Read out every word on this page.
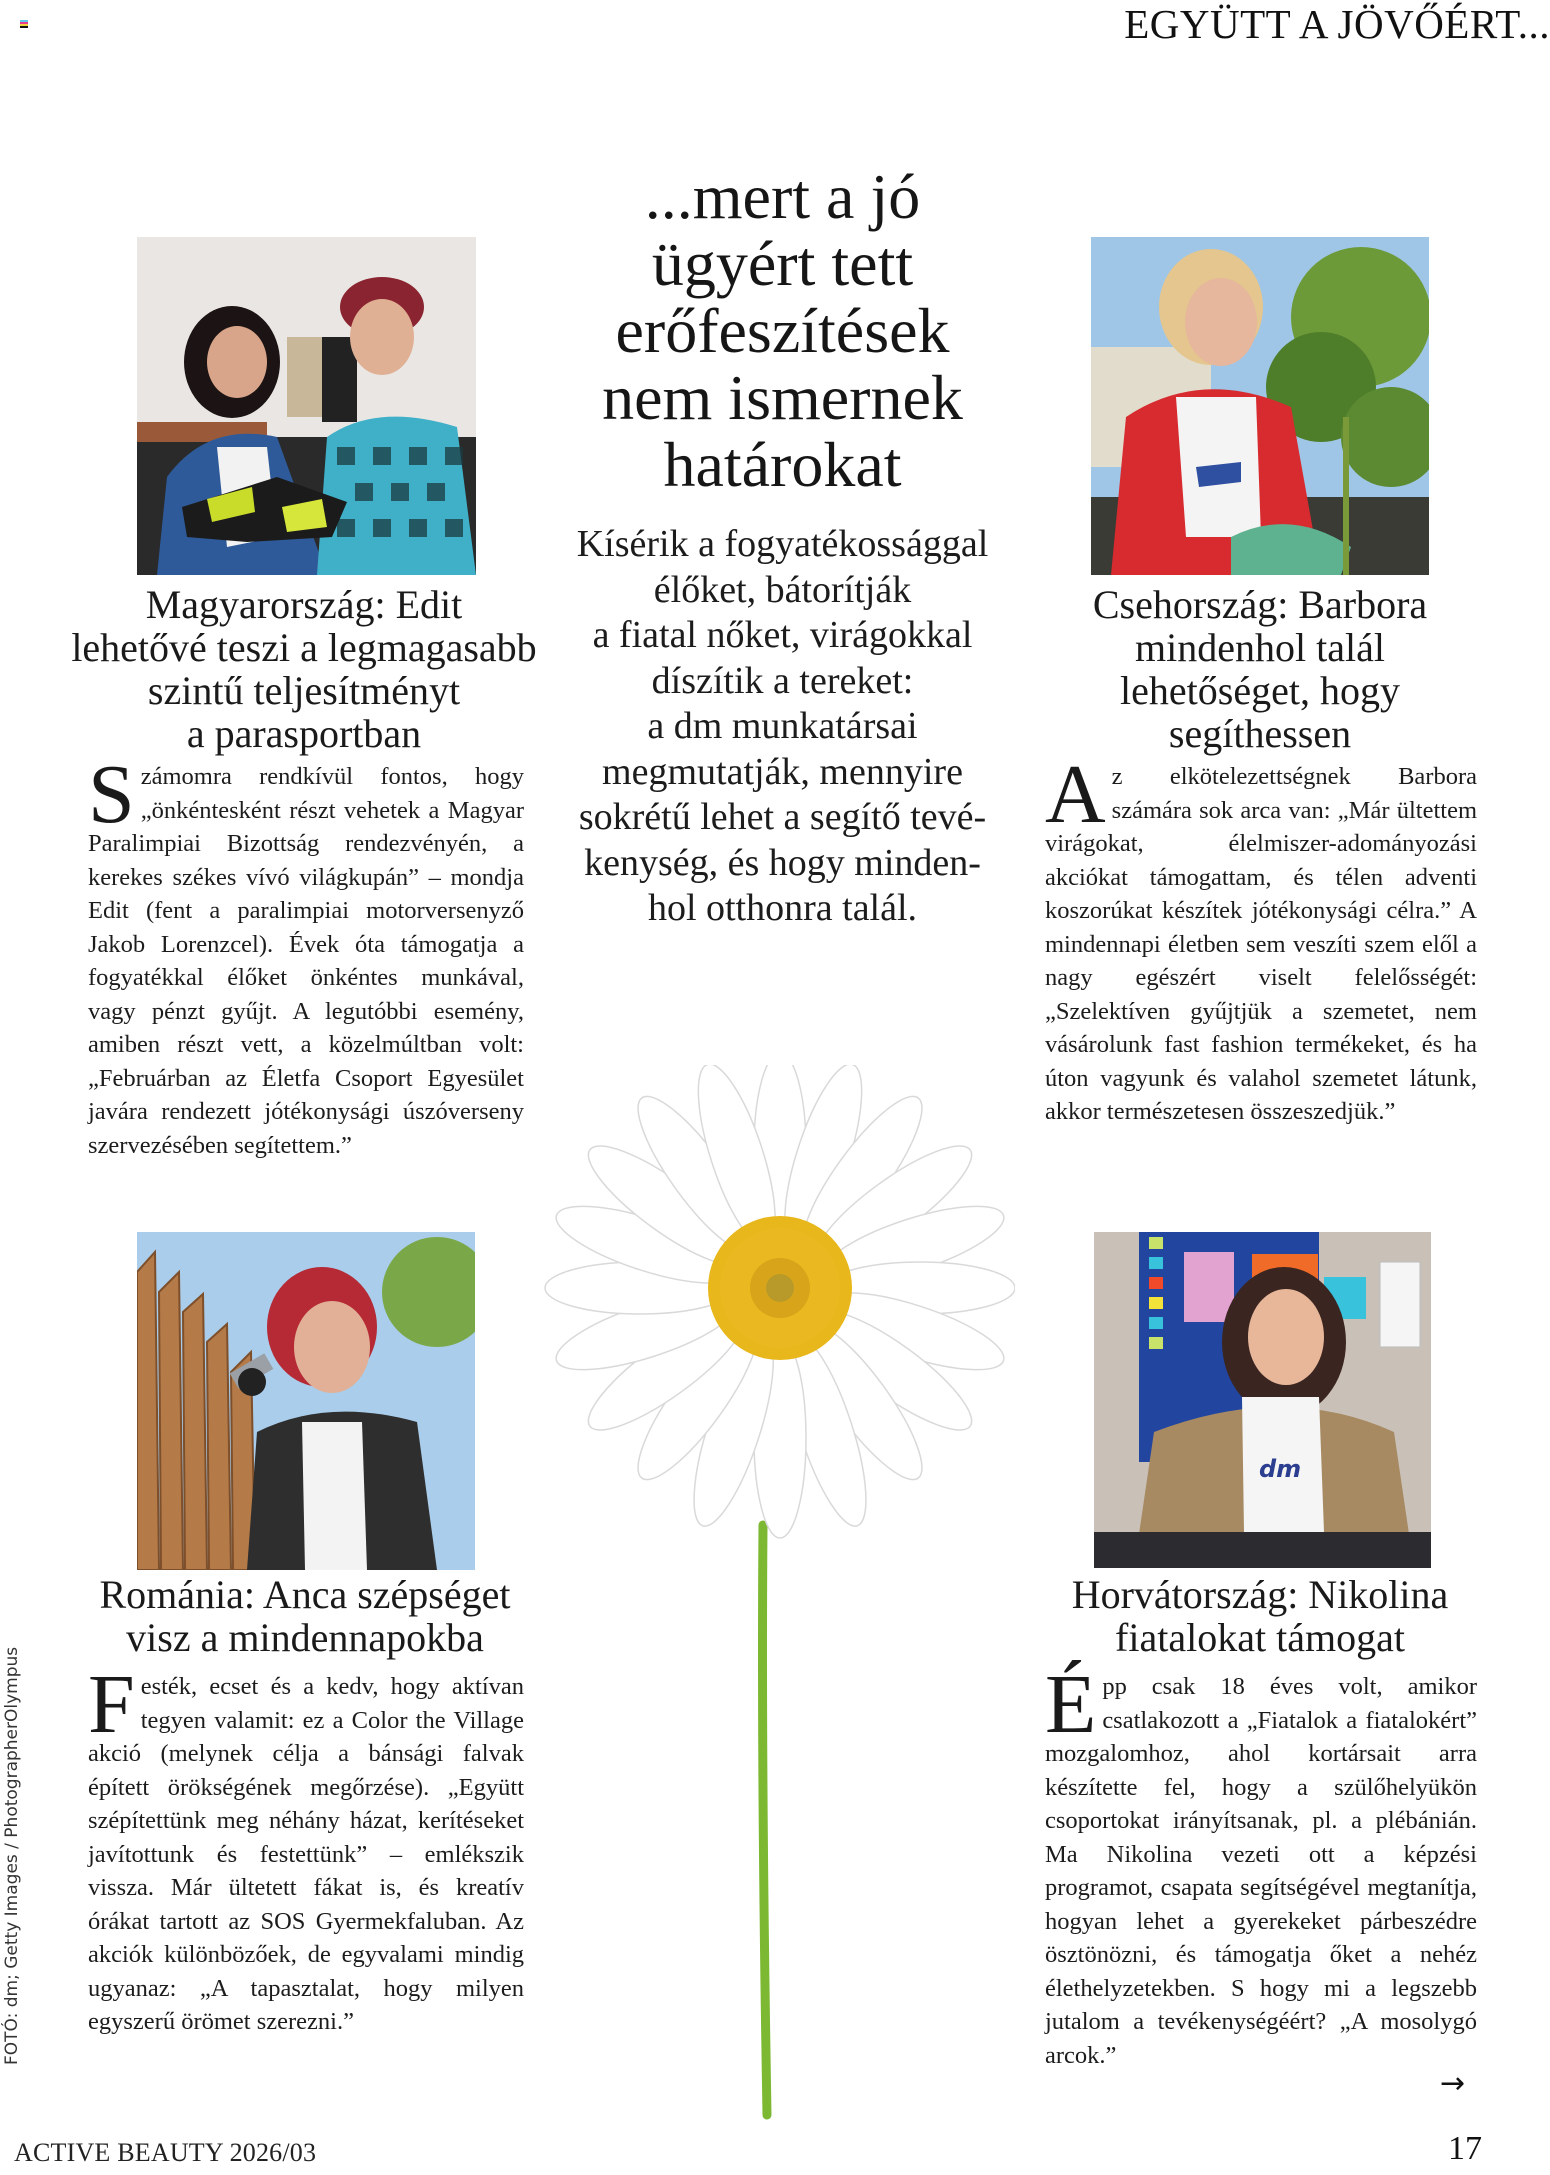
EGYÜTT A JÖVŐÉRT...
Magyarország: Edit
lehetővé teszi a legmagasabb
szintű teljesítményt
a parasportban
S zámomra rendkívül fontos, hogy „önkéntesként részt vehetek a Magyar Paralimpiai Bizottság rendezvényén, a kerekes székes vívó világkupán” – mondja Edit (fent a paralimpiai motorversenyző Jakob Lorenzcel). Évek óta támogatja a fogyatékkal élőket önkéntes munkával, vagy pénzt gyűjt. A legutóbbi esemény, amiben részt vett, a közelmúltban volt: „Februárban az Életfa Csoport Egyesület javára rendezett jótékonysági úszóverseny szervezésében segítettem.”
...mert a jó
ügyért tett
erőfeszítések
nem ismernek
határokat
Kísérik a fogyatékossággal
élőket, bátorítják
a fiatal nőket, virágokkal
díszítik a tereket:
a dm munkatársai
megmutatják, mennyire
sokrétű lehet a segítő tevé-
kenység, és hogy minden-
hol otthonra talál.
Csehország: Barbora
mindenhol talál
lehetőséget, hogy
segíthessen
A z elkötelezettségnek Barbora számára sok arca van: „Már ültettem virágokat, élelmiszer-adományozási akciókat támogattam, és télen adventi koszorúkat készítek jótékonysági célra.” A mindennapi életben sem veszíti szem elől a nagy egészért viselt felelősségét: „Szelektíven gyűjtjük a szemetet, nem vásárolunk fast fashion termékeket, és ha úton vagyunk és valahol szemetet látunk, akkor természetesen összeszedjük.”
Románia: Anca szépséget
visz a mindennapokba
F esték, ecset és a kedv, hogy aktívan tegyen valamit: ez a Color the Village akció (melynek célja a bánsági falvak épített örökségének megőrzése). „Együtt szépítettünk meg néhány házat, kerítéseket javítottunk és festettünk” – emlékszik vissza. Már ültetett fákat is, és kreatív órákat tartott az SOS Gyermekfaluban. Az akciók különbözőek, de egyvalami mindig ugyanaz: „A tapasztalat, hogy milyen egyszerű örömet szerezni.”
dm
Horvátország: Nikolina
fiatalokat támogat
É pp csak 18 éves volt, amikor csatlakozott a „Fiatalok a fiatalokért” mozgalomhoz, ahol kortársait arra készítette fel, hogy a szülőhelyükön csoportokat irányítsanak, pl. a plébánián. Ma Nikolina vezeti ott a képzési programot, csapata segítségével megtanítja, hogyan lehet a gyerekeket párbeszédre ösztönözni, és támogatja őket a nehéz élethelyzetekben. S hogy mi a legszebb jutalom a tevékenységéért? „A mosolygó arcok.”
FOTÓ: dm; Getty Images / PhotographerOlympus
→
ACTIVE BEAUTY 2026/03	17
